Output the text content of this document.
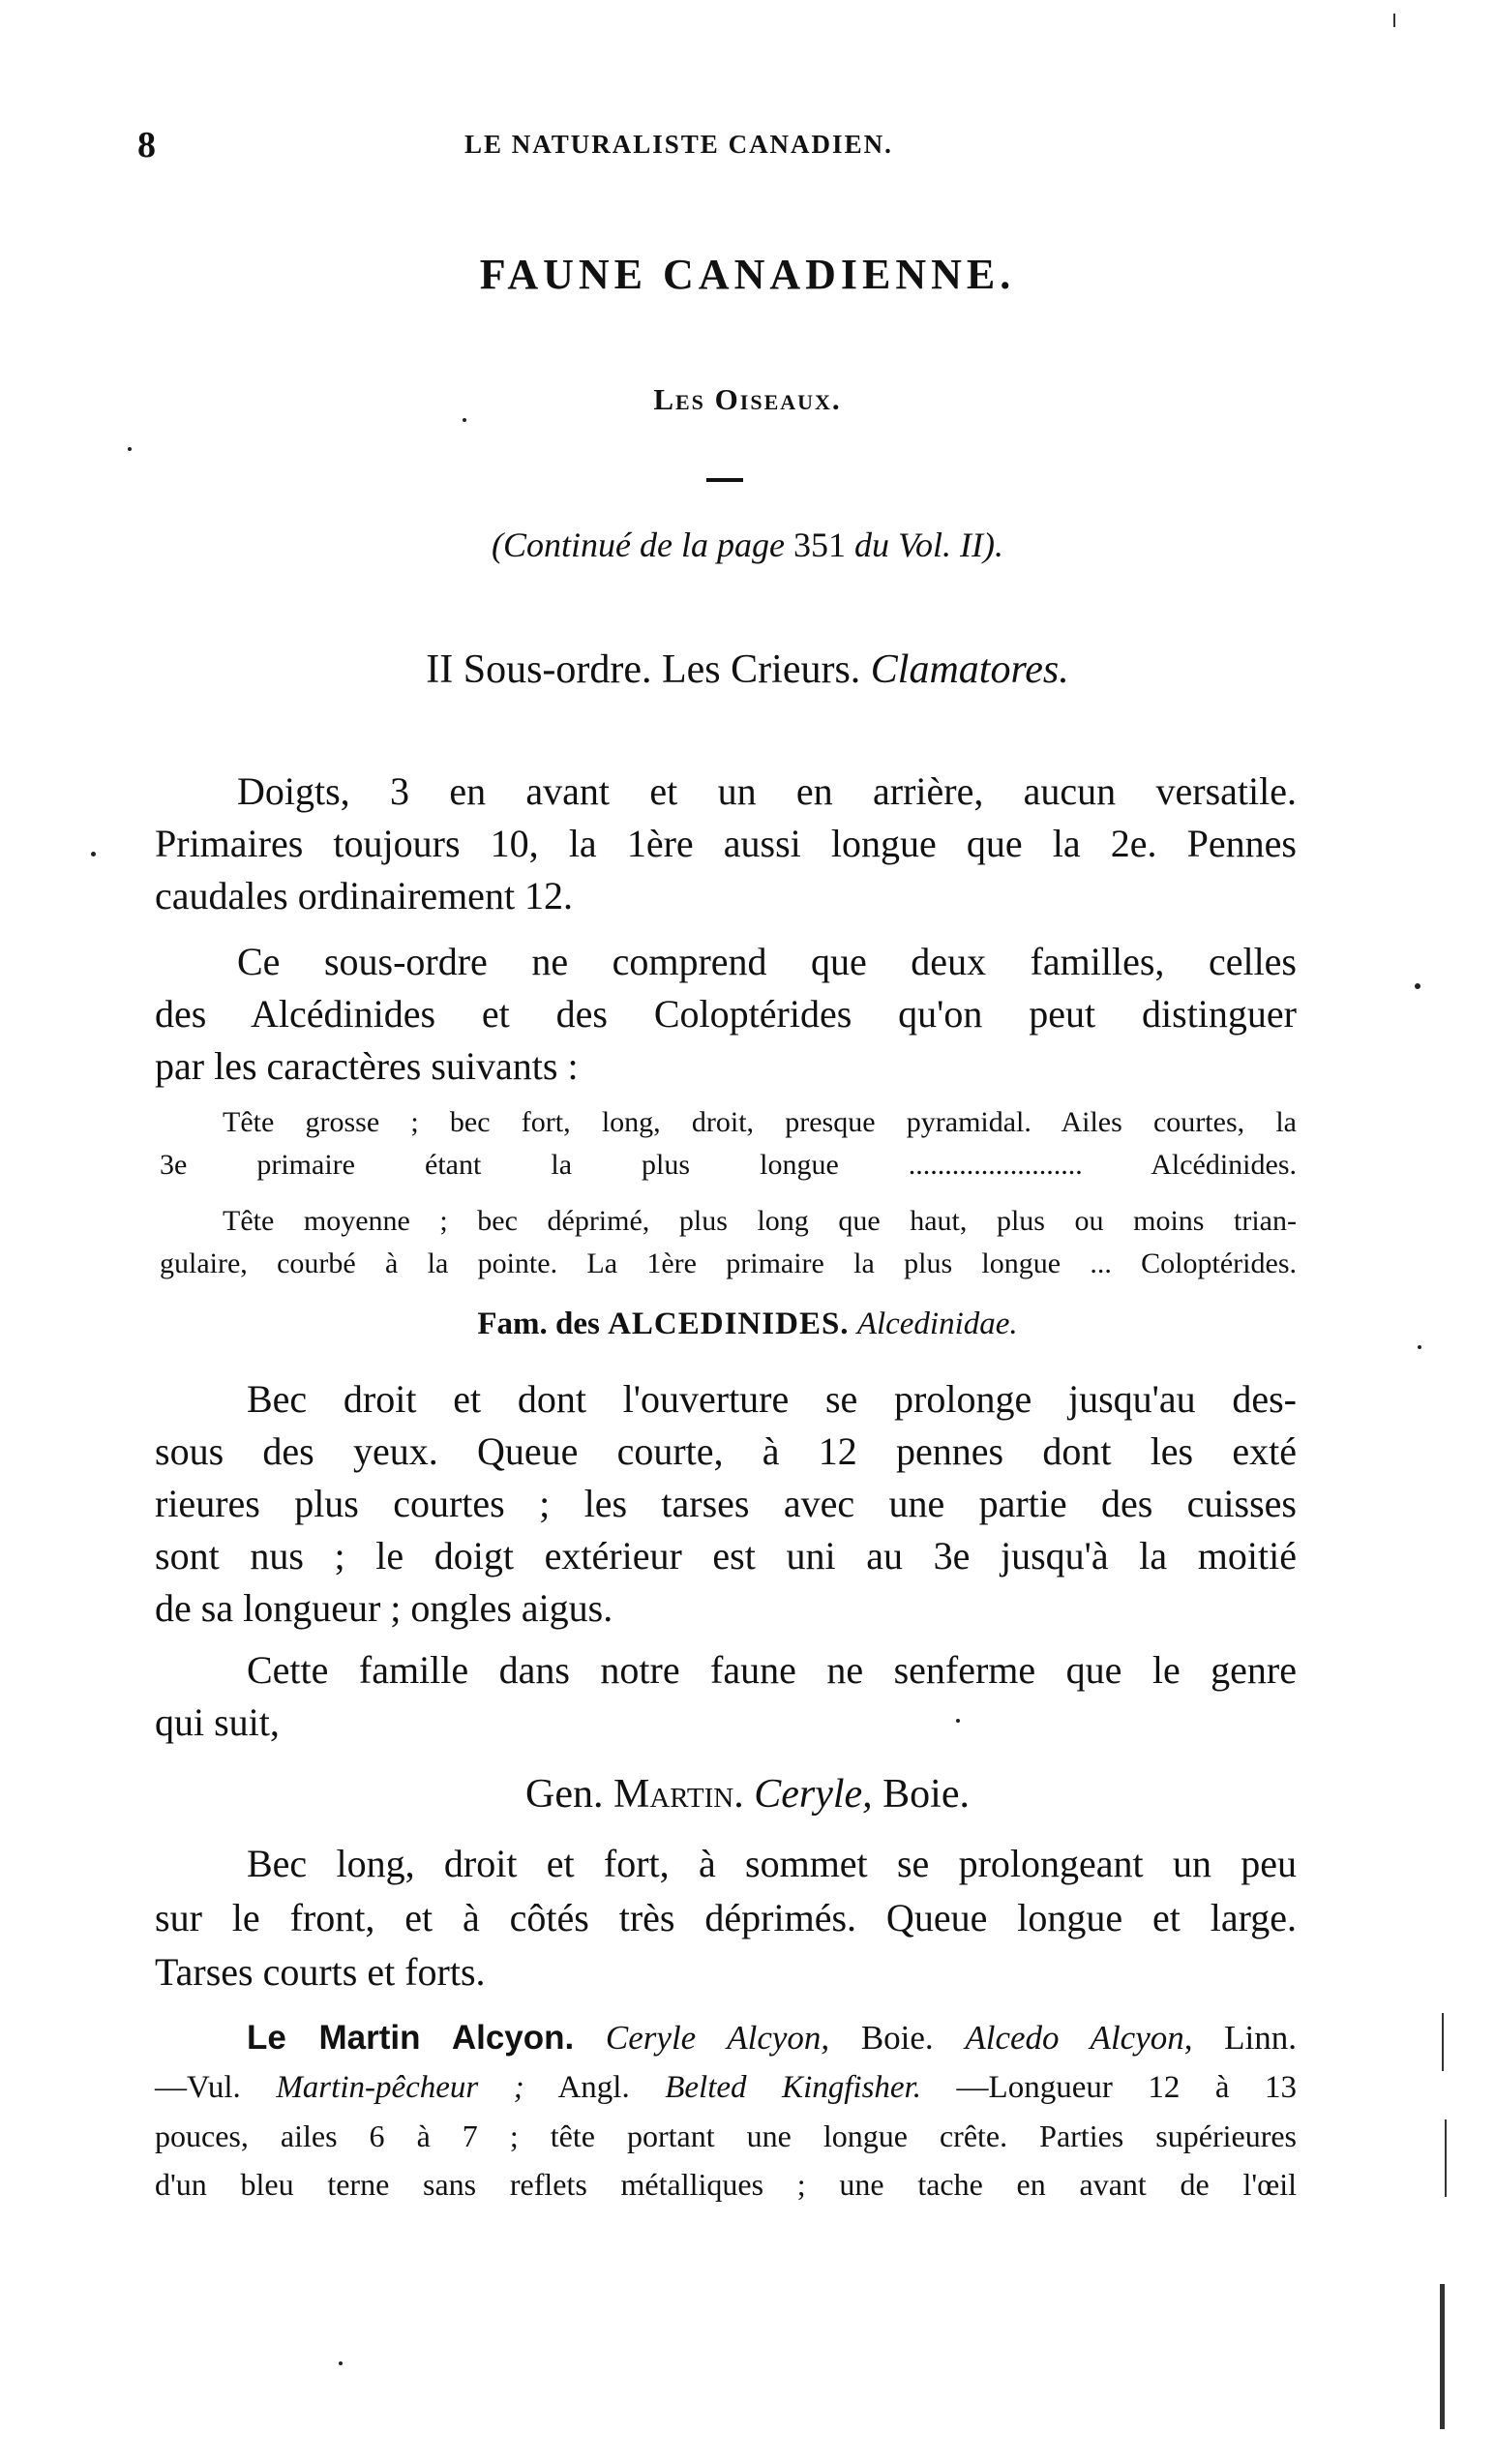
8	LE NATURALISTE CANADIEN.
FAUNE CANADIENNE.
Les Oiseaux.
(Continué de la page 351 du Vol. II).
II Sous-ordre. Les Crieurs. Clamatores.
Doigts, 3 en avant et un en arrière, aucun versatile.
Primaires toujours 10, la 1ère aussi longue que la 2e. Pennes
caudales ordinairement 12.
Ce sous-ordre ne comprend que deux familles, celles
des Alcédinides et des Coloptérides qu'on peut distinguer
par les caractères suivants :
Tête grosse ; bec fort, long, droit, presque pyramidal. Ailes courtes, la
3e primaire étant la plus longue ........................ Alcédinides.
Tête moyenne ; bec déprimé, plus long que haut, plus ou moins trian-
gulaire, courbé à la pointe. La 1ère primaire la plus longue ... Coloptérides.
Fam. des ALCEDINIDES. Alcedinidae.
Bec droit et dont l'ouverture se prolonge jusqu'au des-
sous des yeux. Queue courte, à 12 pennes dont les exté
rieures plus courtes ; les tarses avec une partie des cuisses
sont nus ; le doigt extérieur est uni au 3e jusqu'à la moitié
de sa longueur ; ongles aigus.
Cette famille dans notre faune ne senferme que le genre
qui suit,
Gen. Martin. Ceryle, Boie.
Bec long, droit et fort, à sommet se prolongeant un peu
sur le front, et à côtés très déprimés. Queue longue et large.
Tarses courts et forts.
Le Martin Alcyon. Ceryle Alcyon, Boie. Alcedo Alcyon, Linn.
—Vul. Martin-pêcheur ; Angl. Belted Kingfisher. —Longueur 12 à 13
pouces, ailes 6 à 7 ; tête portant une longue crête. Parties supérieures
d'un bleu terne sans reflets métalliques ; une tache en avant de l'œil
